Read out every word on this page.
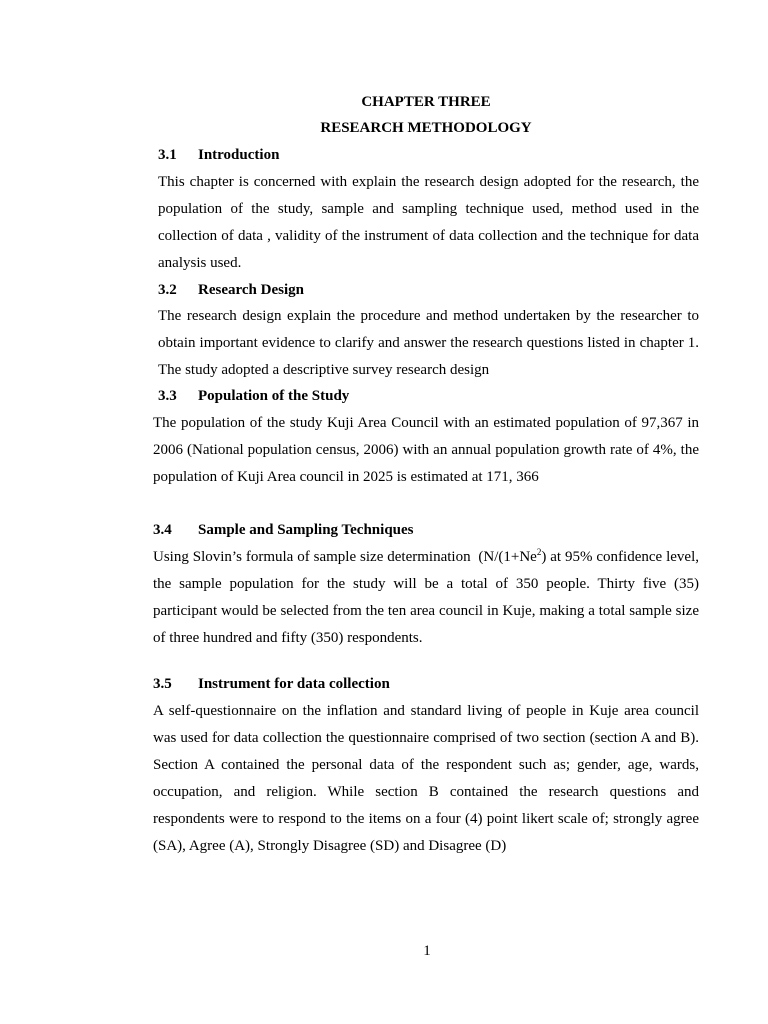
CHAPTER THREE
RESEARCH METHODOLOGY
3.1 Introduction
This chapter is concerned with explain the research design adopted for the research, the
population of the study, sample and sampling technique used, method used in the
collection of data , validity of the instrument of data collection and the technique for data
analysis used.
3.2 Research Design
The research design explain the procedure and method undertaken by the researcher to
obtain important evidence to clarify and answer the research questions listed in chapter 1.
The study adopted a descriptive survey research design
3.3 Population of the Study
The population of the study Kuji Area Council with an estimated population of 97,367 in
2006 (National population census, 2006) with an annual population growth rate of 4%, the
population of Kuji Area council in 2025 is estimated at 171, 366
3.4 Sample and Sampling Techniques
Using Slovin’s formula of sample size determination  ($N/(1+Ne^2)$ at 95% confidence level,
the sample population for the study will be a total of 350 people. Thirty five (35)
participant would be selected from the ten area council in Kuje, making a total sample size
of three hundred and fifty (350) respondents.
3.5 Instrument for data collection
A self-questionnaire on the inflation and standard living of people in Kuje area council
was used for data collection the questionnaire comprised of two section (section A and B).
Section A contained the personal data of the respondent such as; gender, age, wards,
occupation, and religion. While section B contained the research questions and
respondents were to respond to the items on a four (4) point likert scale of; strongly agree
(SA), Agree (A), Strongly Disagree (SD) and Disagree (D)
1
